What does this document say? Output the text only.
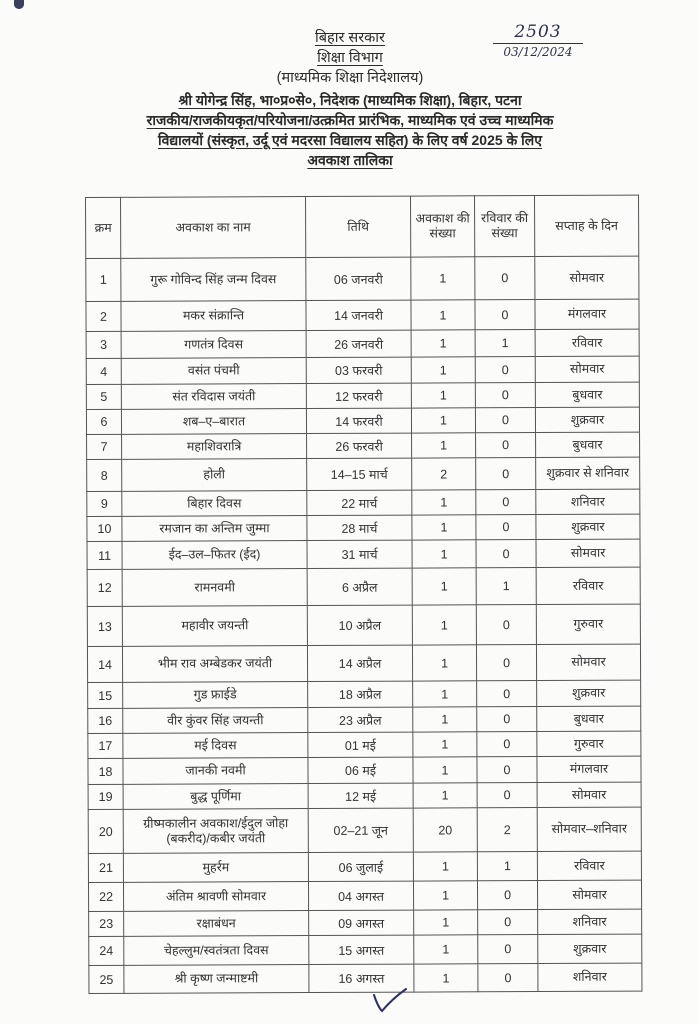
बिहार सरकार
शिक्षा विभाग
(माध्यमिक शिक्षा निदेशालय)
श्री योगेन्द्र सिंह, भा०प्र०से०, निदेशक (माध्यमिक शिक्षा), बिहार, पटना
राजकीय/राजकीयकृत/परियोजना/उत्क्रमित प्रारंभिक, माध्यमिक एवं उच्च माध्यमिक
विद्यालयों (संस्कृत, उर्दू एवं मदरसा विद्यालय सहित) के लिए वर्ष 2025 के लिए
अवकाश तालिका
2503
03/12/2024
क्रम	अवकाश का नाम	तिथि	अवकाश की संख्या	रविवार की संख्या	सप्ताह के दिन
1	गुरू गोविन्द सिंह जन्म दिवस	06 जनवरी	1	0	सोमवार
2	मकर संक्रान्ति	14 जनवरी	1	0	मंगलवार
3	गणतंत्र दिवस	26 जनवरी	1	1	रविवार
4	वसंत पंचमी	03 फरवरी	1	0	सोमवार
5	संत रविदास जयंती	12 फरवरी	1	0	बुधवार
6	शब–ए–बारात	14 फरवरी	1	0	शुक्रवार
7	महाशिवरात्रि	26 फरवरी	1	0	बुधवार
8	होली	14–15 मार्च	2	0	शुक्रवार से शनिवार
9	बिहार दिवस	22 मार्च	1	0	शनिवार
10	रमजान का अन्तिम जुम्मा	28 मार्च	1	0	शुक्रवार
11	ईद–उल–फितर (ईद)	31 मार्च	1	0	सोमवार
12	रामनवमी	6 अप्रैल	1	1	रविवार
13	महावीर जयन्ती	10 अप्रैल	1	0	गुरुवार
14	भीम राव अम्बेडकर जयंती	14 अप्रैल	1	0	सोमवार
15	गुड फ्राईडे	18 अप्रैल	1	0	शुक्रवार
16	वीर कुंवर सिंह जयन्ती	23 अप्रैल	1	0	बुधवार
17	मई दिवस	01 मई	1	0	गुरुवार
18	जानकी नवमी	06 मई	1	0	मंगलवार
19	बुद्ध पूर्णिमा	12 मई	1	0	सोमवार
20	ग्रीष्मकालीन अवकाश/ईदुल जोहा (बकरीद)/कबीर जयंती	02–21 जून	20	2	सोमवार–शनिवार
21	मुहर्रम	06 जुलाई	1	1	रविवार
22	अंतिम श्रावणी सोमवार	04 अगस्त	1	0	सोमवार
23	रक्षाबंधन	09 अगस्त	1	0	शनिवार
24	चेहल्लुम/स्वतंत्रता दिवस	15 अगस्त	1	0	शुक्रवार
25	श्री कृष्ण जन्माष्टमी	16 अगस्त	1	0	शनिवार
